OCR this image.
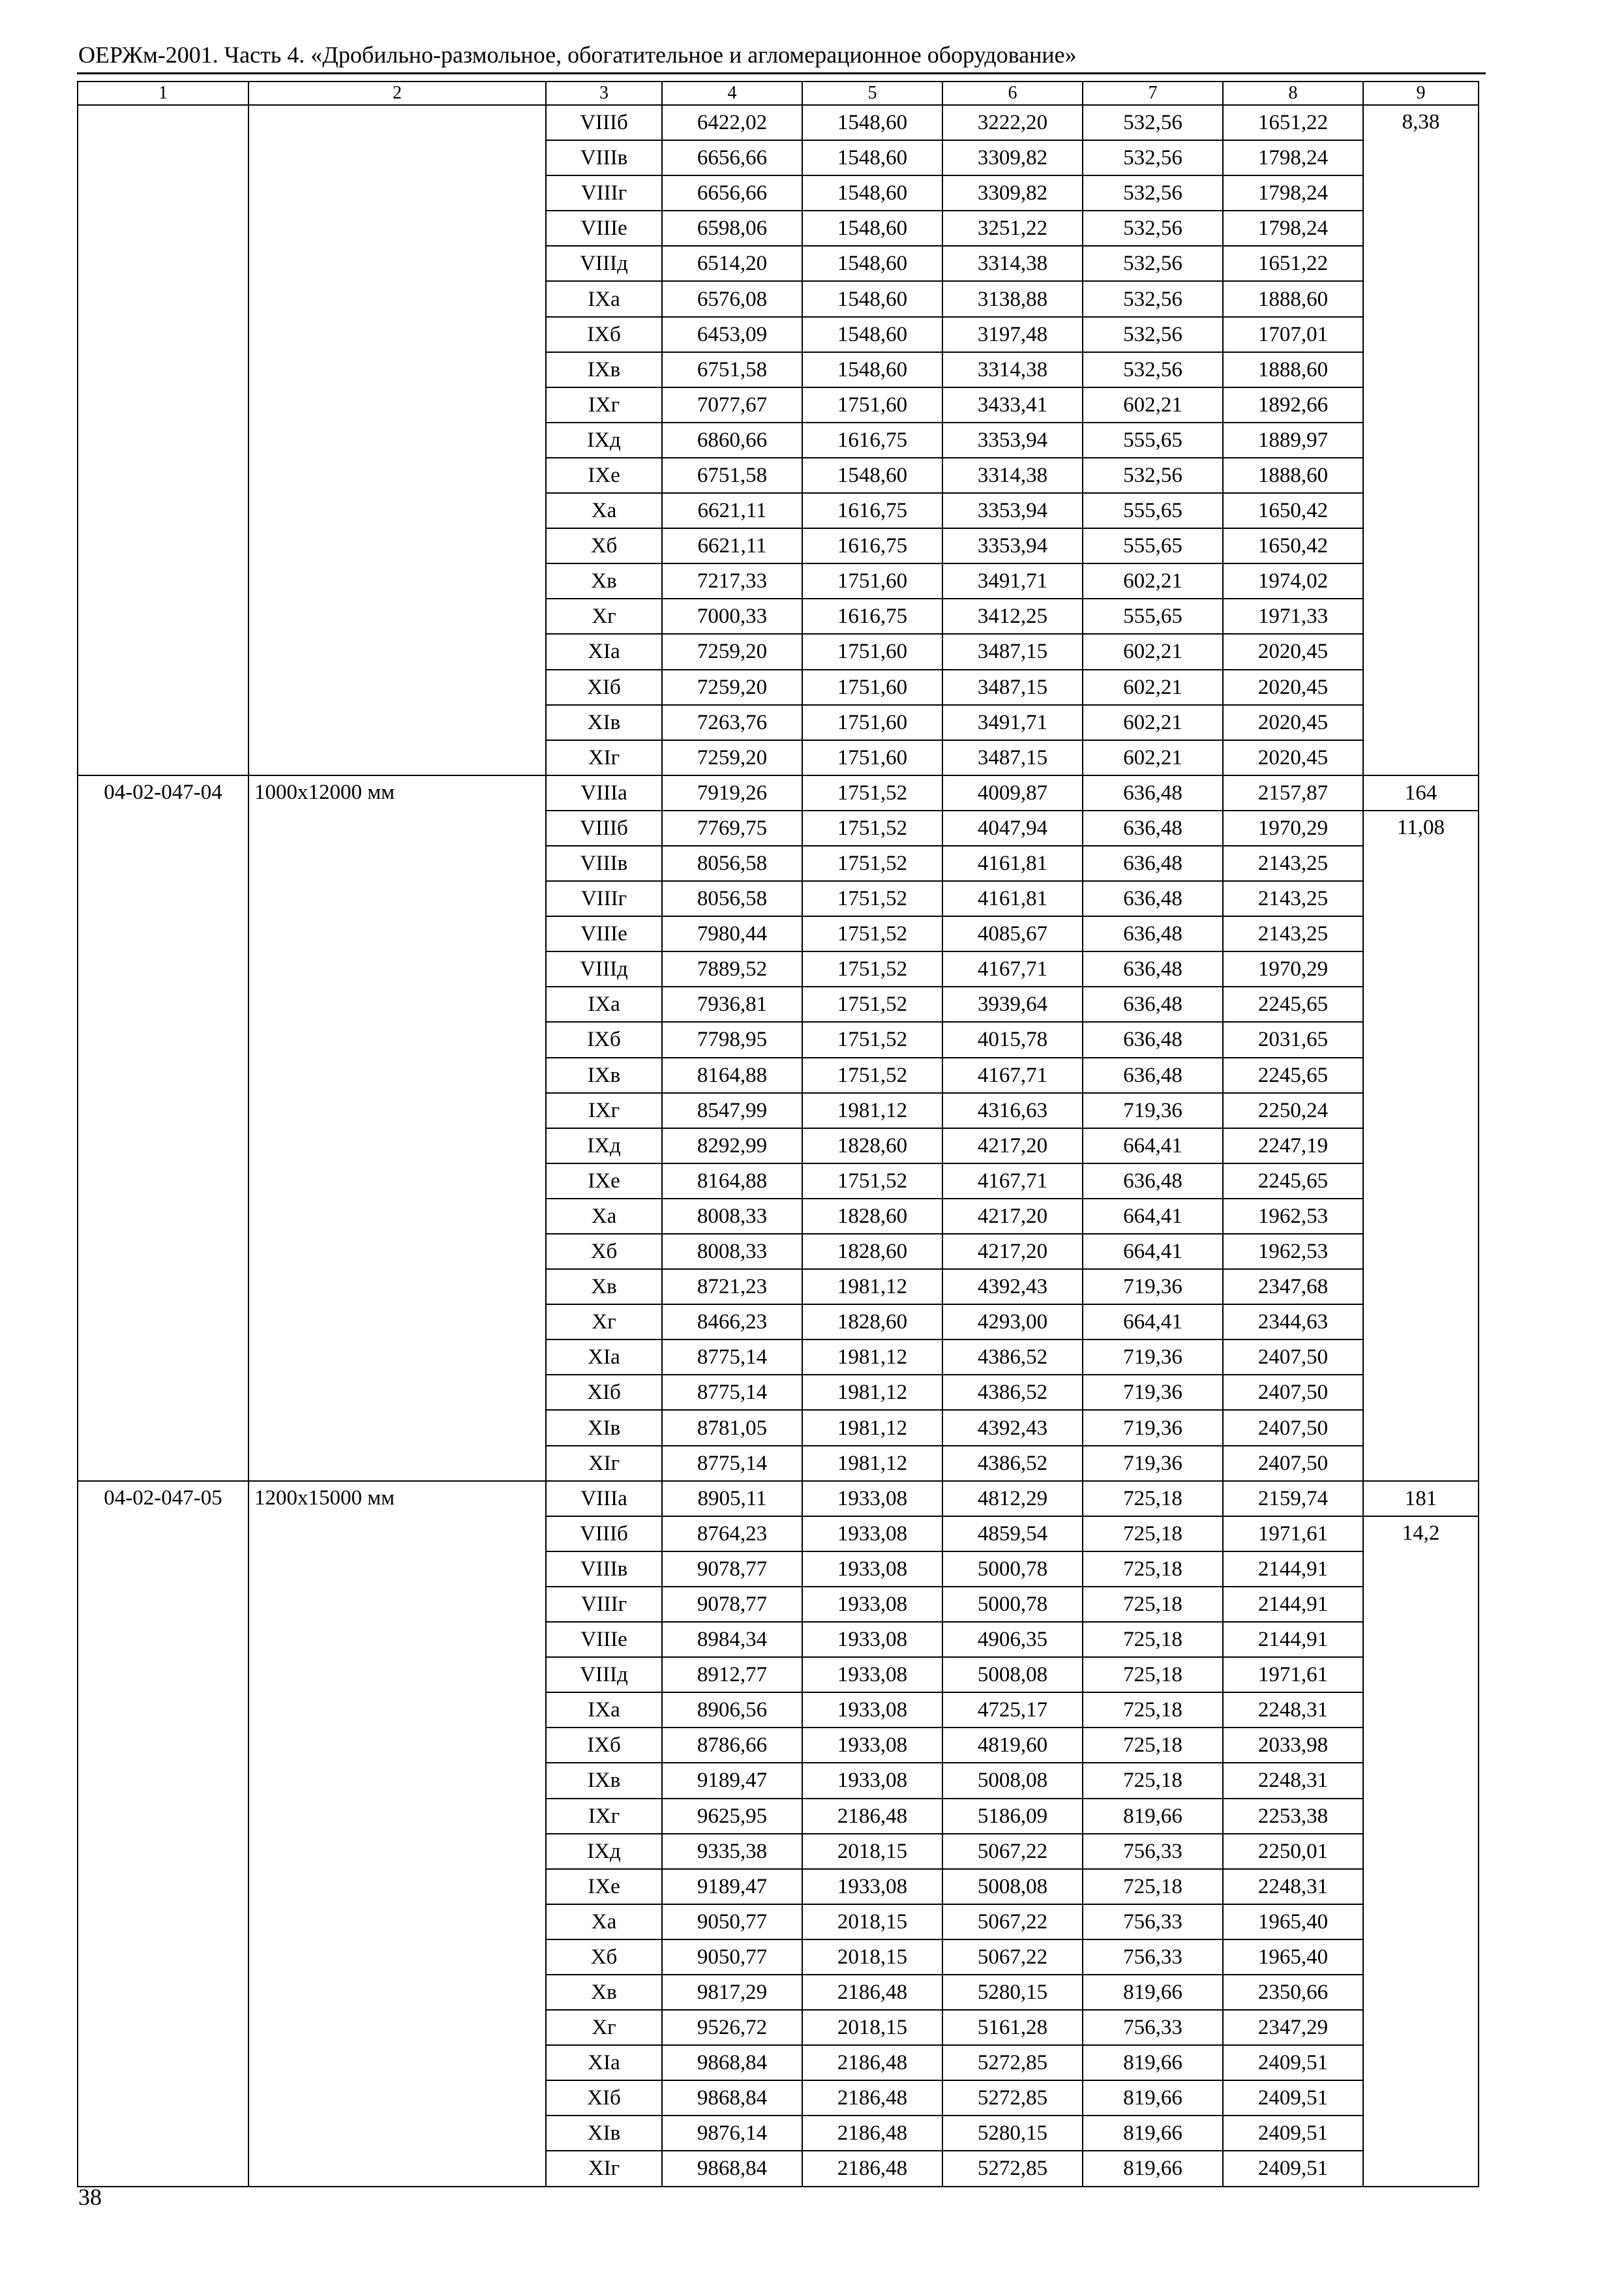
ОЕРЖм-2001. Часть 4. «Дробильно-размольное, обогатительное и агломерационное оборудование»
1	2	3	4	5	6	7	8	9
		VIIIб	6422,02	1548,60	3222,20	532,56	1651,22	8,38
		VIIIв	6656,66	1548,60	3309,82	532,56	1798,24	
		VIIIг	6656,66	1548,60	3309,82	532,56	1798,24	
		VIIIе	6598,06	1548,60	3251,22	532,56	1798,24	
		VIIIд	6514,20	1548,60	3314,38	532,56	1651,22	
		IXа	6576,08	1548,60	3138,88	532,56	1888,60	
		IXб	6453,09	1548,60	3197,48	532,56	1707,01	
		IXв	6751,58	1548,60	3314,38	532,56	1888,60	
		IXг	7077,67	1751,60	3433,41	602,21	1892,66	
		IXд	6860,66	1616,75	3353,94	555,65	1889,97	
		IXе	6751,58	1548,60	3314,38	532,56	1888,60	
		Xа	6621,11	1616,75	3353,94	555,65	1650,42	
		Xб	6621,11	1616,75	3353,94	555,65	1650,42	
		Xв	7217,33	1751,60	3491,71	602,21	1974,02	
		Xг	7000,33	1616,75	3412,25	555,65	1971,33	
		XIа	7259,20	1751,60	3487,15	602,21	2020,45	
		XIб	7259,20	1751,60	3487,15	602,21	2020,45	
		XIв	7263,76	1751,60	3491,71	602,21	2020,45	
		XIг	7259,20	1751,60	3487,15	602,21	2020,45	
04-02-047-04	1000х12000 мм	VIIIа	7919,26	1751,52	4009,87	636,48	2157,87	164
		VIIIб	7769,75	1751,52	4047,94	636,48	1970,29	11,08
		VIIIв	8056,58	1751,52	4161,81	636,48	2143,25	
		VIIIг	8056,58	1751,52	4161,81	636,48	2143,25	
		VIIIе	7980,44	1751,52	4085,67	636,48	2143,25	
		VIIIд	7889,52	1751,52	4167,71	636,48	1970,29	
		IXа	7936,81	1751,52	3939,64	636,48	2245,65	
		IXб	7798,95	1751,52	4015,78	636,48	2031,65	
		IXв	8164,88	1751,52	4167,71	636,48	2245,65	
		IXг	8547,99	1981,12	4316,63	719,36	2250,24	
		IXд	8292,99	1828,60	4217,20	664,41	2247,19	
		IXе	8164,88	1751,52	4167,71	636,48	2245,65	
		Xа	8008,33	1828,60	4217,20	664,41	1962,53	
		Xб	8008,33	1828,60	4217,20	664,41	1962,53	
		Xв	8721,23	1981,12	4392,43	719,36	2347,68	
		Xг	8466,23	1828,60	4293,00	664,41	2344,63	
		XIа	8775,14	1981,12	4386,52	719,36	2407,50	
		XIб	8775,14	1981,12	4386,52	719,36	2407,50	
		XIв	8781,05	1981,12	4392,43	719,36	2407,50	
		XIг	8775,14	1981,12	4386,52	719,36	2407,50	
04-02-047-05	1200х15000 мм	VIIIа	8905,11	1933,08	4812,29	725,18	2159,74	181
		VIIIб	8764,23	1933,08	4859,54	725,18	1971,61	14,2
		VIIIв	9078,77	1933,08	5000,78	725,18	2144,91	
		VIIIг	9078,77	1933,08	5000,78	725,18	2144,91	
		VIIIе	8984,34	1933,08	4906,35	725,18	2144,91	
		VIIIд	8912,77	1933,08	5008,08	725,18	1971,61	
		IXа	8906,56	1933,08	4725,17	725,18	2248,31	
		IXб	8786,66	1933,08	4819,60	725,18	2033,98	
		IXв	9189,47	1933,08	5008,08	725,18	2248,31	
		IXг	9625,95	2186,48	5186,09	819,66	2253,38	
		IXд	9335,38	2018,15	5067,22	756,33	2250,01	
		IXе	9189,47	1933,08	5008,08	725,18	2248,31	
		Xа	9050,77	2018,15	5067,22	756,33	1965,40	
		Xб	9050,77	2018,15	5067,22	756,33	1965,40	
		Xв	9817,29	2186,48	5280,15	819,66	2350,66	
		Xг	9526,72	2018,15	5161,28	756,33	2347,29	
		XIа	9868,84	2186,48	5272,85	819,66	2409,51	
		XIб	9868,84	2186,48	5272,85	819,66	2409,51	
		XIв	9876,14	2186,48	5280,15	819,66	2409,51	
		XIг	9868,84	2186,48	5272,85	819,66	2409,51	
38
